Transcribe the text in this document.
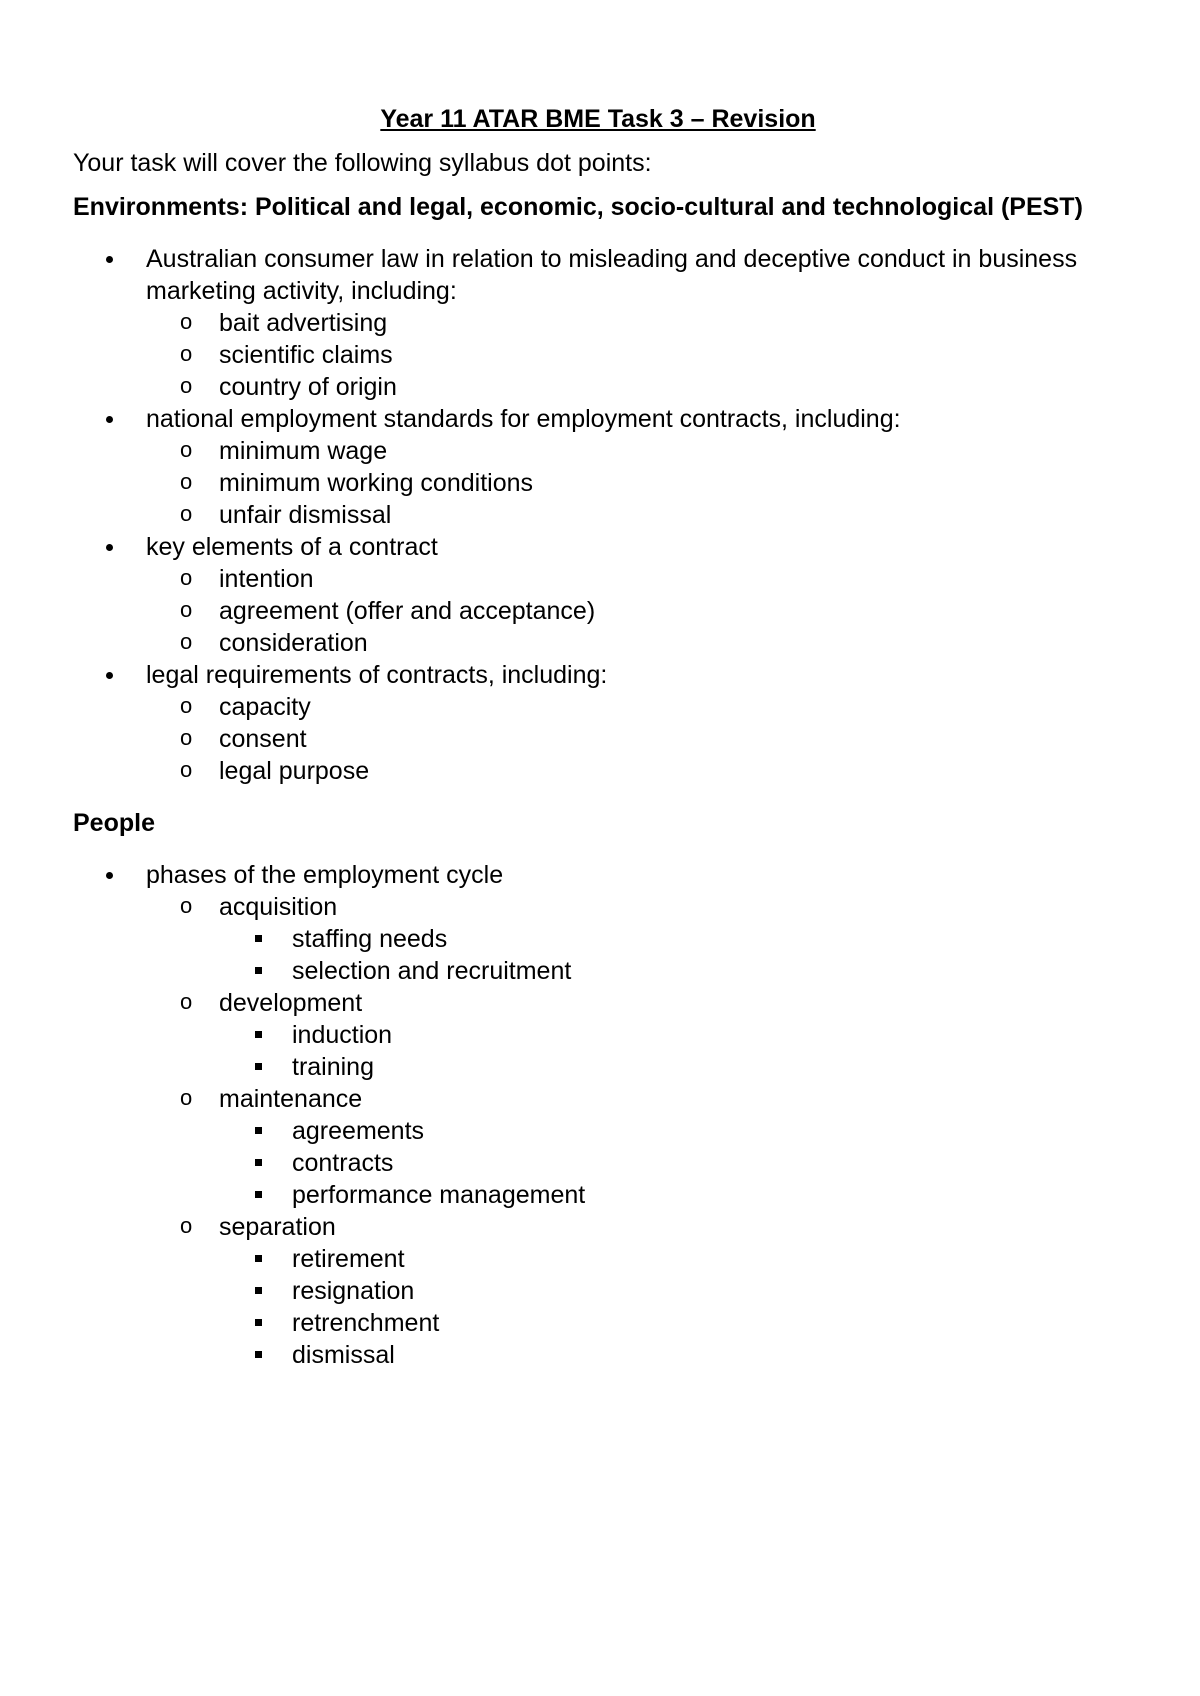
Year 11 ATAR BME Task 3 – Revision
Your task will cover the following syllabus dot points:
Environments: Political and legal, economic, socio-cultural and technological (PEST)
Australian consumer law in relation to misleading and deceptive conduct in business marketing activity, including:
o	bait advertising
o	scientific claims
o	country of origin
national employment standards for employment contracts, including:
o	minimum wage
o	minimum working conditions
o	unfair dismissal
key elements of a contract
o	intention
o	agreement (offer and acceptance)
o	consideration
legal requirements of contracts, including:
o	capacity
o	consent
o	legal purpose
People
phases of the employment cycle
o	acquisition
staffing needs
selection and recruitment
o	development
induction
training
o	maintenance
agreements
contracts
performance management
o	separation
retirement
resignation
retrenchment
dismissal
